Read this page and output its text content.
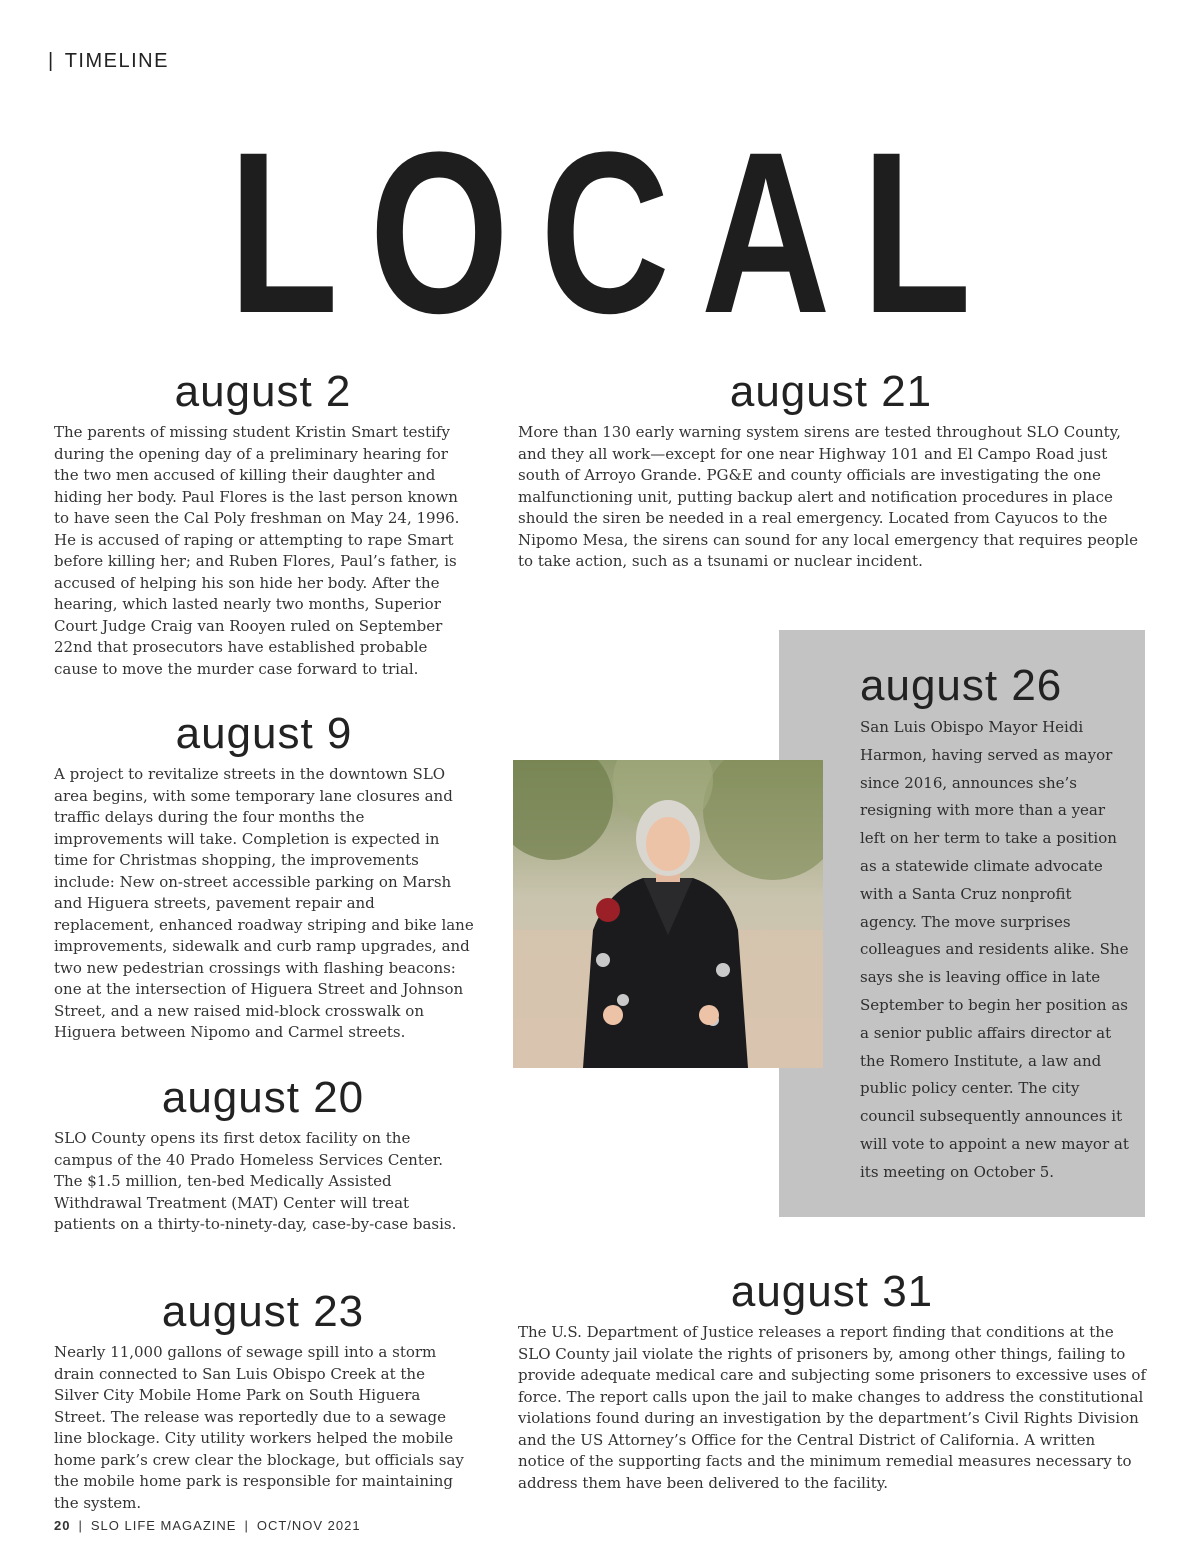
| TIMELINE
LOCAL
august 2

The parents of missing student Kristin Smart testify during the opening day of a preliminary hearing for the two men accused of killing their daughter and hiding her body. Paul Flores is the last person known to have seen the Cal Poly freshman on May 24, 1996. He is accused of raping or attempting to rape Smart before killing her; and Ruben Flores, Paul’s father, is accused of helping his son hide her body. After the hearing, which lasted nearly two months, Superior Court Judge Craig van Rooyen ruled on September 22nd that prosecutors have established probable cause to move the murder case forward to trial.

august 21

More than 130 early warning system sirens are tested throughout SLO County, and they all work—except for one near Highway 101 and El Campo Road just south of Arroyo Grande. PG&E and county officials are investigating the one malfunctioning unit, putting backup alert and notification procedures in place should the siren be needed in a real emergency. Located from Cayucos to the Nipomo Mesa, the sirens can sound for any local emergency that requires people to take action, such as a tsunami or nuclear incident.

august 9

A project to revitalize streets in the downtown SLO area begins, with some temporary lane closures and traffic delays during the four months the improvements will take. Completion is expected in time for Christmas shopping, the improvements include: New on-street accessible parking on Marsh and Higuera streets, pavement repair and replacement, enhanced roadway striping and bike lane improvements, sidewalk and curb ramp upgrades, and two new pedestrian crossings with flashing beacons: one at the intersection of Higuera Street and Johnson Street, and a new raised mid-block crosswalk on Higuera between Nipomo and Carmel streets.

august 26

San Luis Obispo Mayor Heidi Harmon, having served as mayor since 2016, announces she’s resigning with more than a year left on her term to take a position as a statewide climate advocate with a Santa Cruz nonprofit agency. The move surprises colleagues and residents alike. She says she is leaving office in late September to begin her position as a senior public affairs director at the Romero Institute, a law and public policy center. The city council subsequently announces it will vote to appoint a new mayor at its meeting on October 5.

august 20

SLO County opens its first detox facility on the campus of the 40 Prado Homeless Services Center. The $1.5 million, ten-bed Medically Assisted Withdrawal Treatment (MAT) Center will treat patients on a thirty-to-ninety-day, case-by-case basis.

august 23

Nearly 11,000 gallons of sewage spill into a storm drain connected to San Luis Obispo Creek at the Silver City Mobile Home Park on South Higuera Street. The release was reportedly due to a sewage line blockage. City utility workers helped the mobile home park’s crew clear the blockage, but officials say the mobile home park is responsible for maintaining the system.

august 31

The U.S. Department of Justice releases a report finding that conditions at the SLO County jail violate the rights of prisoners by, among other things, failing to provide adequate medical care and subjecting some prisoners to excessive uses of force. The report calls upon the jail to make changes to address the constitutional violations found during an investigation by the department’s Civil Rights Division and the US Attorney’s Office for the Central District of California. A written notice of the supporting facts and the minimum remedial measures necessary to address them have been delivered to the facility.

20 | SLO LIFE MAGAZINE | OCT/NOV 2021
